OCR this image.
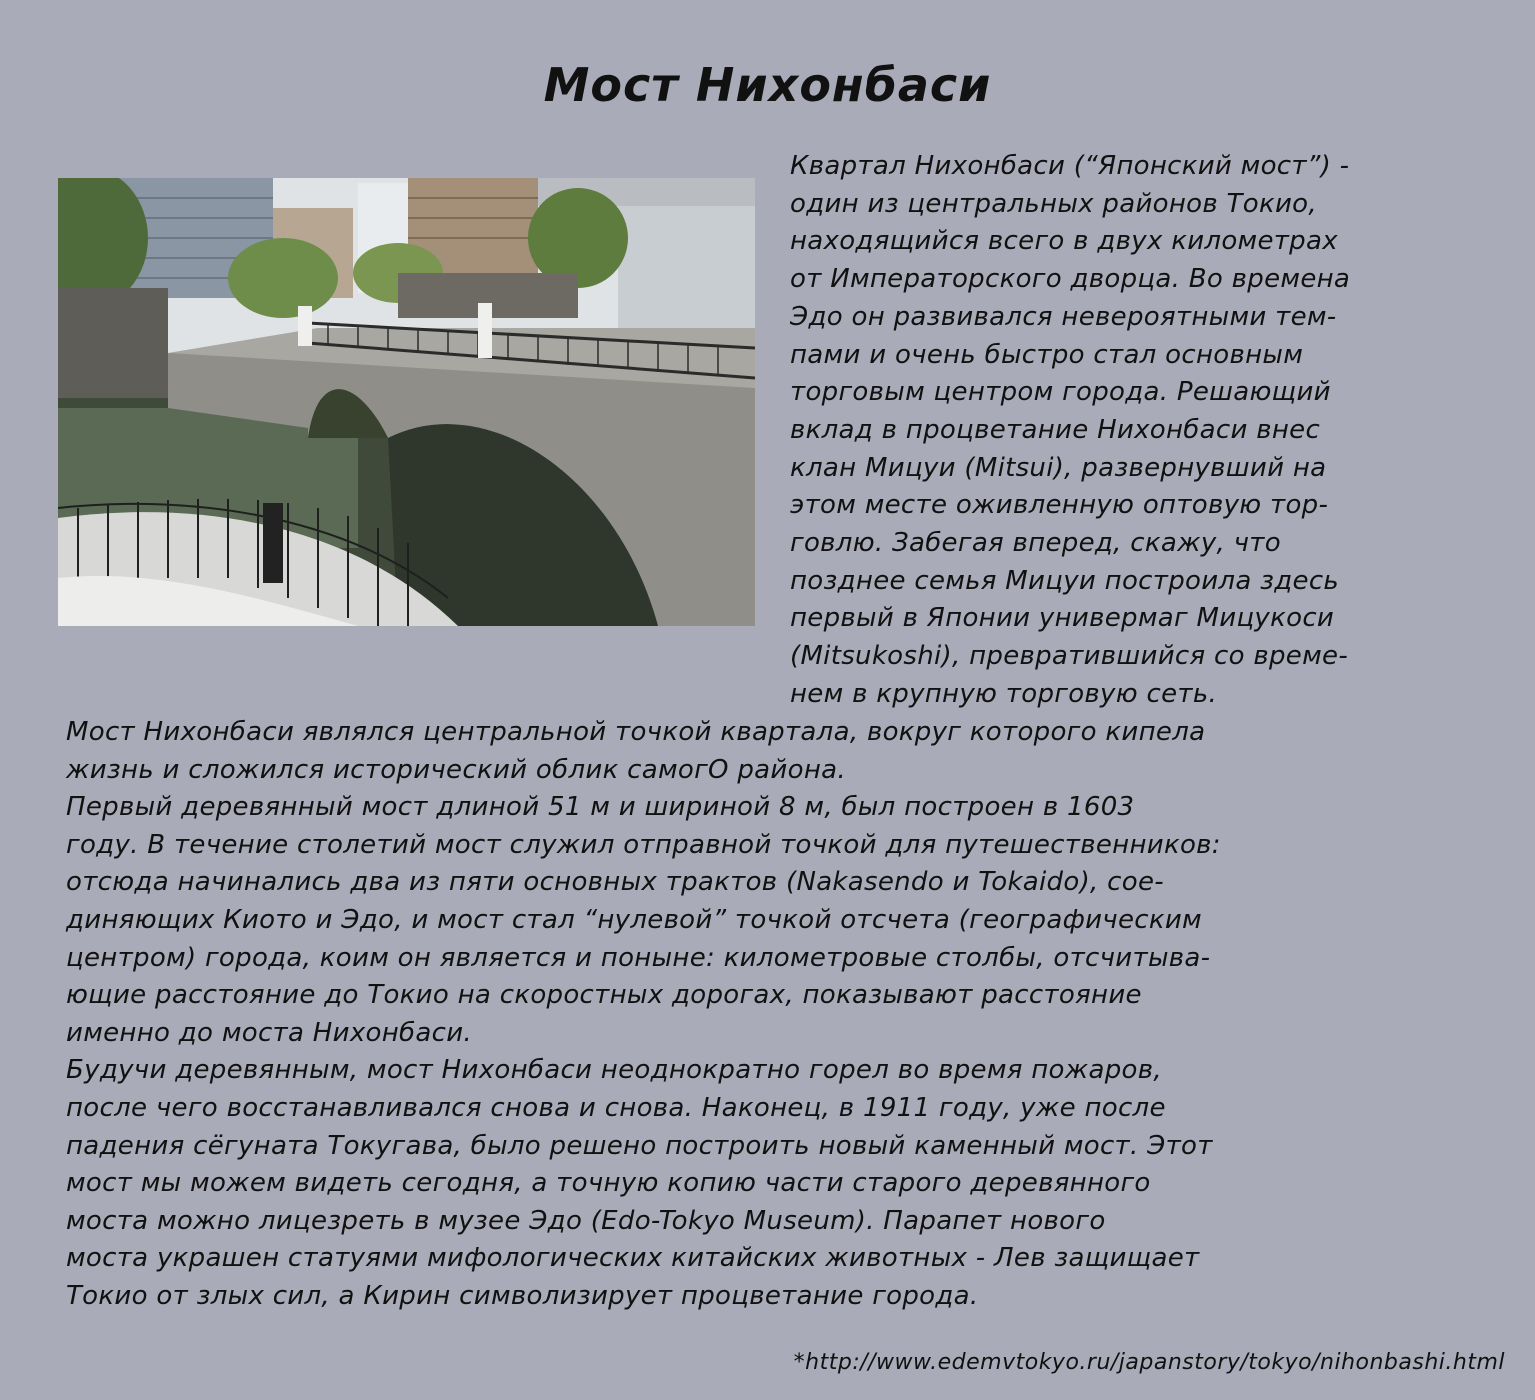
Мост Нихонбаси
Квартал Нихонбаси (“Японский мост”) -
один из центральных районов Токио,
находящийся всего в двух километрах
от Императорского дворца. Во времена
Эдо он развивался невероятными тем-
пами и очень быстро стал основным
торговым центром города. Решающий
вклад в процветание Нихонбаси внес
клан Мицуи (Mitsui), развернувший на
этом месте оживленную оптовую тор-
говлю. Забегая вперед, скажу, что
позднее семья Мицуи построила здесь
первый в Японии универмаг Мицукоси
(Mitsukoshi), превратившийся со време-
нем в крупную торговую сеть.
Мост Нихонбаси являлся центральной точкой квартала, вокруг которого кипела
жизнь и сложился исторический облик самогО района.
Первый деревянный мост длиной 51 м и шириной 8 м, был построен в 1603
году. В течение столетий мост служил отправной точкой для путешественников:
отсюда начинались два из пяти основных трактов (Nakasendo и Tokaido), сое-
диняющих Киото и Эдо, и мост стал “нулевой” точкой отсчета (географическим
центром) города, коим он является и поныне: километровые столбы, отсчитыва-
ющие расстояние до Токио на скоростных дорогах, показывают расстояние
именно до моста Нихонбаси.
Будучи деревянным, мост Нихонбаси неоднократно горел во время пожаров,
после чего восстанавливался снова и снова. Наконец, в 1911 году, уже после
падения сёгуната Токугава, было решено построить новый каменный мост. Этот
мост мы можем видеть сегодня, а точную копию части старого деревянного
моста можно лицезреть в музее Эдо (Edo-Tokyo Museum). Парапет нового
моста украшен статуями мифологических китайских животных - Лев защищает
Токио от злых сил, а Кирин символизирует процветание города.
*http://www.edemvtokyo.ru/japanstory/tokyo/nihonbashi.html
